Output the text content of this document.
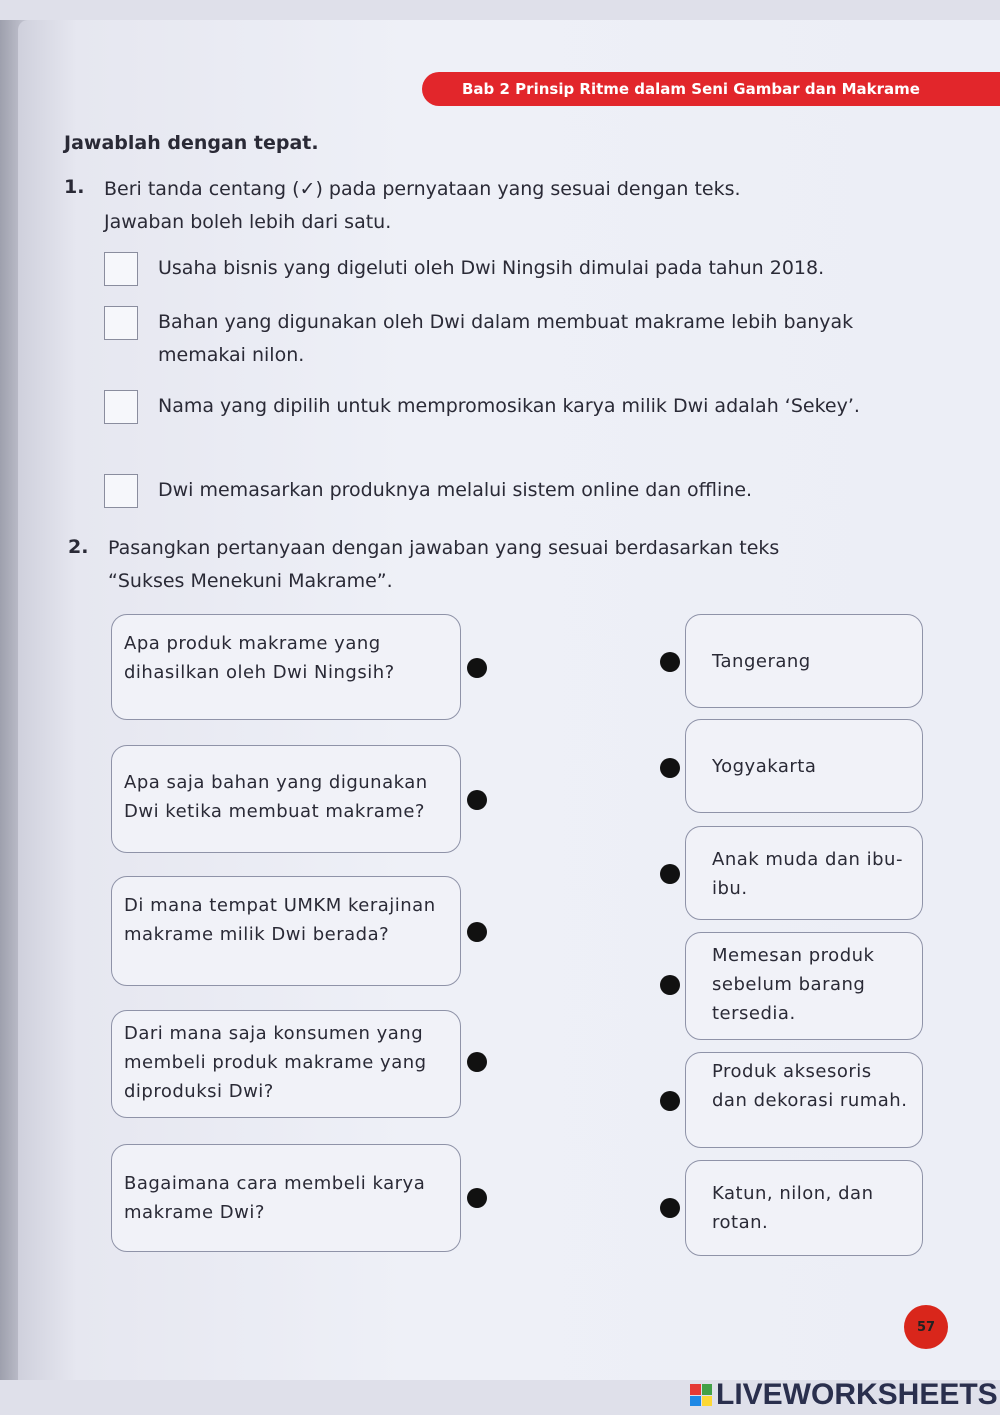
Bab 2 Prinsip Ritme dalam Seni Gambar dan Makrame
Jawablah dengan tepat.
1. Beri tanda centang (✓) pada pernyataan yang sesuai dengan teks.
Jawaban boleh lebih dari satu.
Usaha bisnis yang digeluti oleh Dwi Ningsih dimulai pada tahun 2018.
Bahan yang digunakan oleh Dwi dalam membuat makrame lebih banyak memakai nilon.
Nama yang dipilih untuk mempromosikan karya milik Dwi adalah ‘Sekey’.
Dwi memasarkan produknya melalui sistem online dan offline.
2. Pasangkan pertanyaan dengan jawaban yang sesuai berdasarkan teks
“Sukses Menekuni Makrame”.
Apa produk makrame yang dihasilkan oleh Dwi Ningsih?
Apa saja bahan yang digunakan Dwi ketika membuat makrame?
Di mana tempat UMKM kerajinan makrame milik Dwi berada?
Dari mana saja konsumen yang membeli produk makrame yang diproduksi Dwi?
Bagaimana cara membeli karya makrame Dwi?
Tangerang
Yogyakarta
Anak muda dan ibu-ibu.
Memesan produk sebelum barang tersedia.
Produk aksesoris dan dekorasi rumah.
Katun, nilon, dan rotan.
57
LIVEWORKSHEETS
